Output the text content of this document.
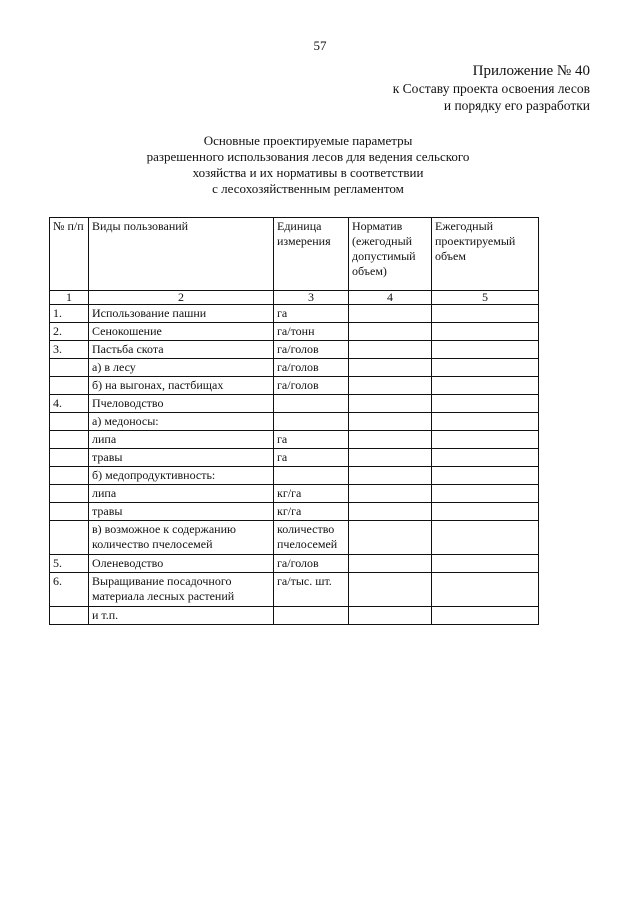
57
Приложение № 40
к Составу проекта освоения лесов
и порядку его разработки
Основные проектируемые параметры
разрешенного использования лесов для ведения сельского
хозяйства и их нормативы в соответствии
с лесохозяйственным регламентом
№ п/п	Виды пользований	Единица измерения	Норматив (ежегодный допустимый объем)	Ежегодный проектируемый объем
1	2	3	4	5
1.	Использование пашни	га		
2.	Сенокошение	га/тонн		
3.	Пастьба скота	га/голов		
	а) в лесу	га/голов		
	б) на выгонах, пастбищах	га/голов		
4.	Пчеловодство			
	а) медоносы:			
	липа	га		
	травы	га		
	б) медопродуктивность:			
	липа	кг/га		
	травы	кг/га		
	в) возможное к содержанию количество пчелосемей	количество пчелосемей		
5.	Оленеводство	га/голов		
6.	Выращивание посадочного материала лесных растений	га/тыс. шт.		
	и т.п.			
